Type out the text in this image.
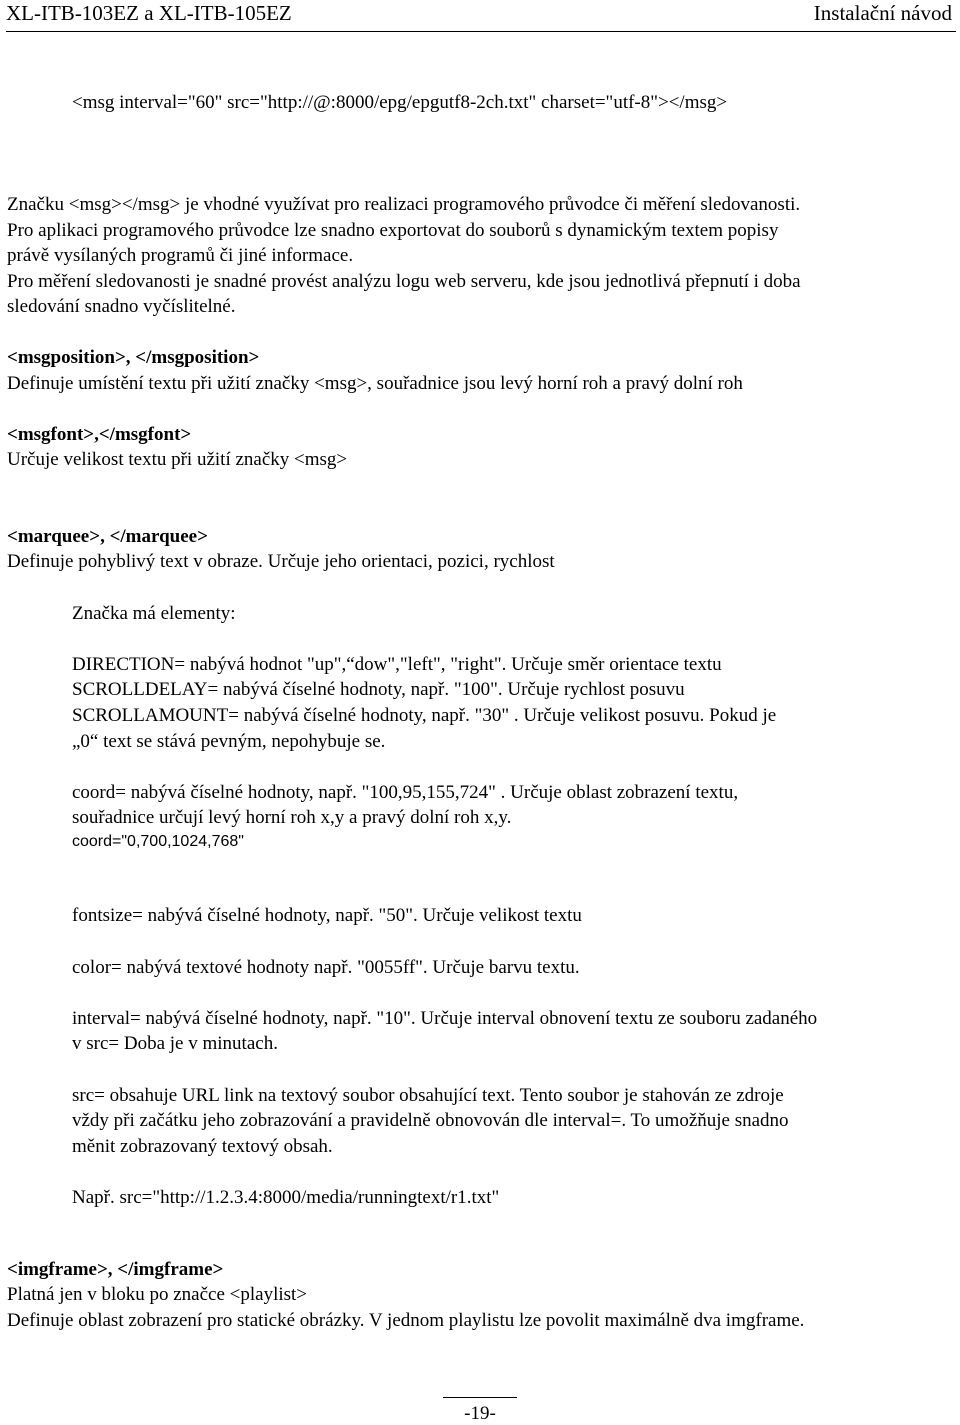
XL-ITB-103EZ a XL-ITB-105EZ	Instalační návod
<msg interval="60" src="http://@:8000/epg/epgutf8-2ch.txt" charset="utf-8"></msg>
Značku <msg></msg> je vhodné využívat pro realizaci programového průvodce či měření sledovanosti.
Pro aplikaci programového průvodce lze snadno exportovat do souborů s dynamickým textem popisy
právě vysílaných programů či jiné informace.
Pro měření sledovanosti je snadné provést analýzu logu web serveru, kde jsou jednotlivá přepnutí i doba
sledování snadno vyčíslitelné.
<msgposition>, </msgposition>
Definuje umístění textu při užití značky <msg>, souřadnice jsou levý horní roh a pravý dolní roh
<msgfont>,</msgfont>
Určuje velikost textu při užití značky <msg>
<marquee>, </marquee>
Definuje pohyblivý text v obraze. Určuje jeho orientaci, pozici, rychlost
Značka má elementy:
DIRECTION= nabývá hodnot "up",“dow","left", "right". Určuje směr orientace textu
SCROLLDELAY= nabývá číselné hodnoty, např. "100". Určuje rychlost posuvu
SCROLLAMOUNT= nabývá číselné hodnoty, např. "30" . Určuje velikost posuvu. Pokud je
„0“ text se stává pevným, nepohybuje se.
coord= nabývá číselné hodnoty, např. "100,95,155,724" . Určuje oblast zobrazení textu,
souřadnice určují levý horní roh x,y a pravý dolní roh x,y.
coord="0,700,1024,768"
fontsize= nabývá číselné hodnoty, např. "50". Určuje velikost textu
color= nabývá textové hodnoty např. "0055ff". Určuje barvu textu.
interval= nabývá číselné hodnoty, např. "10". Určuje interval obnovení textu ze souboru zadaného
v src= Doba je v minutach.
src= obsahuje URL link na textový soubor obsahující text. Tento soubor je stahován ze zdroje
vždy při začátku jeho zobrazování a pravidelně obnovován dle interval=. To umožňuje snadno
měnit zobrazovaný textový obsah.
Např. src="http://1.2.3.4:8000/media/runningtext/r1.txt"
<imgframe>, </imgframe>
Platná jen v bloku po značce <playlist>
Definuje oblast zobrazení pro statické obrázky. V jednom playlistu lze povolit maximálně dva imgframe.
-19-
